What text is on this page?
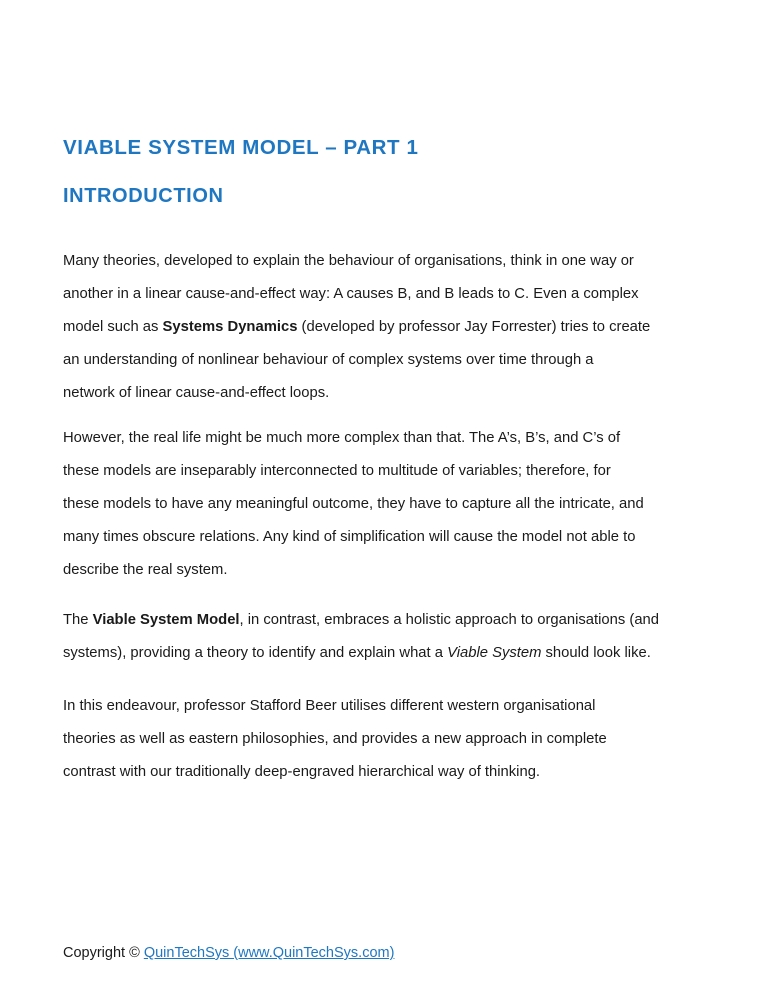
VIABLE SYSTEM MODEL – PART 1
INTRODUCTION

Many theories, developed to explain the behaviour of organisations, think in one way or
another in a linear cause-and-effect way: A causes B, and B leads to C. Even a complex
model such as Systems Dynamics (developed by professor Jay Forrester) tries to create
an understanding of nonlinear behaviour of complex systems over time through a
network of linear cause-and-effect loops.

However, the real life might be much more complex than that. The A’s, B’s, and C’s of
these models are inseparably interconnected to multitude of variables; therefore, for
these models to have any meaningful outcome, they have to capture all the intricate, and
many times obscure relations. Any kind of simplification will cause the model not able to
describe the real system.

The Viable System Model, in contrast, embraces a holistic approach to organisations (and
systems), providing a theory to identify and explain what a Viable System should look like.

In this endeavour, professor Stafford Beer utilises different western organisational
theories as well as eastern philosophies, and provides a new approach in complete
contrast with our traditionally deep-engraved hierarchical way of thinking.

Copyright © QuinTechSys (www.QuinTechSys.com)
